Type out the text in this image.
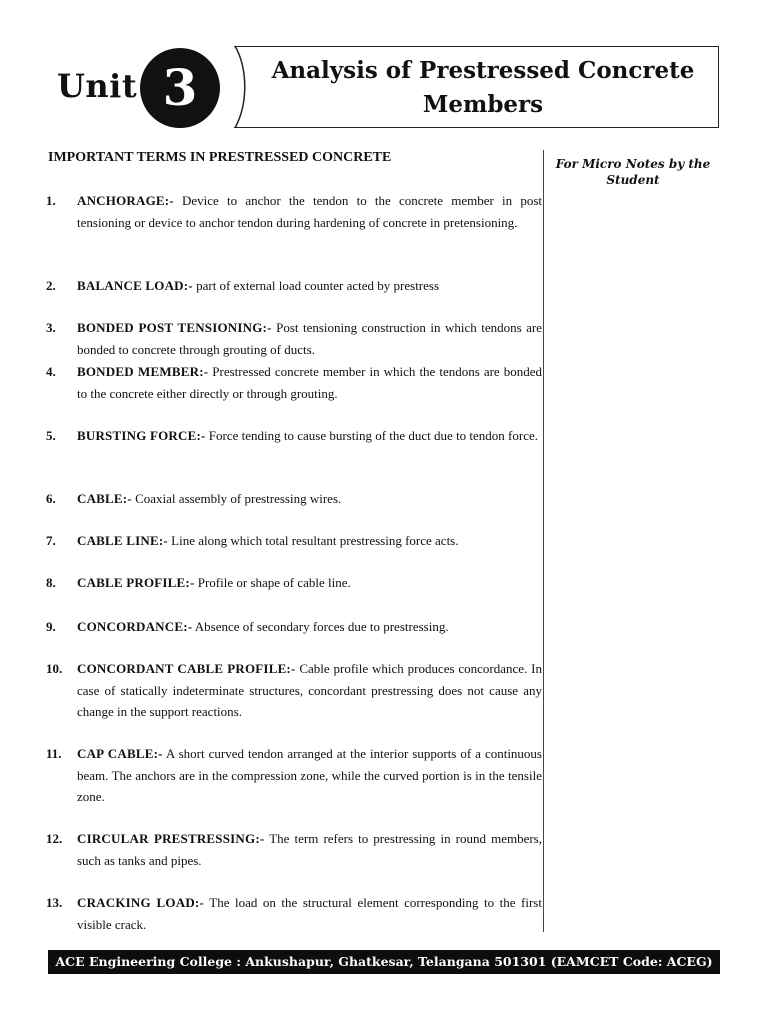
Unit 3	Analysis of Prestressed Concrete Members
IMPORTANT TERMS IN PRESTRESSED CONCRETE	For Micro Notes by the Student
1.	ANCHORAGE:- Device to anchor the tendon to the concrete member in post tensioning or device to anchor tendon during hardening of concrete in pretensioning.
2.	BALANCE LOAD:- part of external load counter acted by prestress
3.	BONDED POST TENSIONING:- Post tensioning construction in which tendons are bonded to concrete through grouting of ducts.
4.	BONDED MEMBER:- Prestressed concrete member in which the tendons are bonded to the concrete either directly or through grouting.
5.	BURSTING FORCE:- Force tending to cause bursting of the duct due to tendon force.
6.	CABLE:- Coaxial assembly of prestressing wires.
7.	CABLE LINE:- Line along which total resultant prestressing force acts.
8.	CABLE PROFILE:- Profile or shape of cable line.
9.	CONCORDANCE:- Absence of secondary forces due to prestressing.
10.	CONCORDANT CABLE PROFILE:- Cable profile which produces concordance. In case of statically indeterminate structures, concordant prestressing does not cause any change in the support reactions.
11.	CAP CABLE:- A short curved tendon arranged at the interior supports of a continuous beam. The anchors are in the compression zone, while the curved portion is in the tensile zone.
12.	CIRCULAR PRESTRESSING:- The term refers to prestressing in round members, such as tanks and pipes.
13.	CRACKING LOAD:- The load on the structural element corresponding to the first visible crack.
ACE Engineering College : Ankushapur, Ghatkesar, Telangana 501301 (EAMCET Code: ACEG)
